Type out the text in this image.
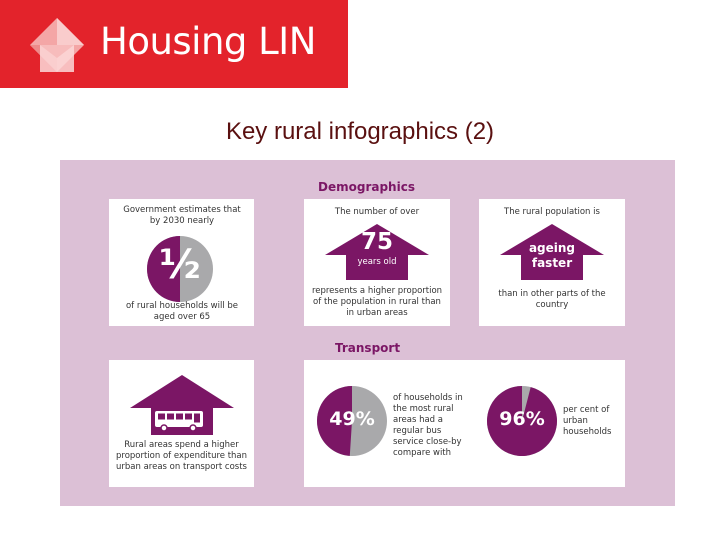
Housing LIN
Key rural infographics (2)
Demographics
Government estimates that by 2030 nearly
½
of rural households will be aged over 65
The number of over
75
years old
represents a higher proportion of the population in rural than in urban areas
The rural population is
ageing faster
than in other parts of the country
Transport
Rural areas spend a higher proportion of expenditure than urban areas on transport costs
49%
of households in the most rural areas had a regular bus service close-by compare with
96%	per cent of urban households
